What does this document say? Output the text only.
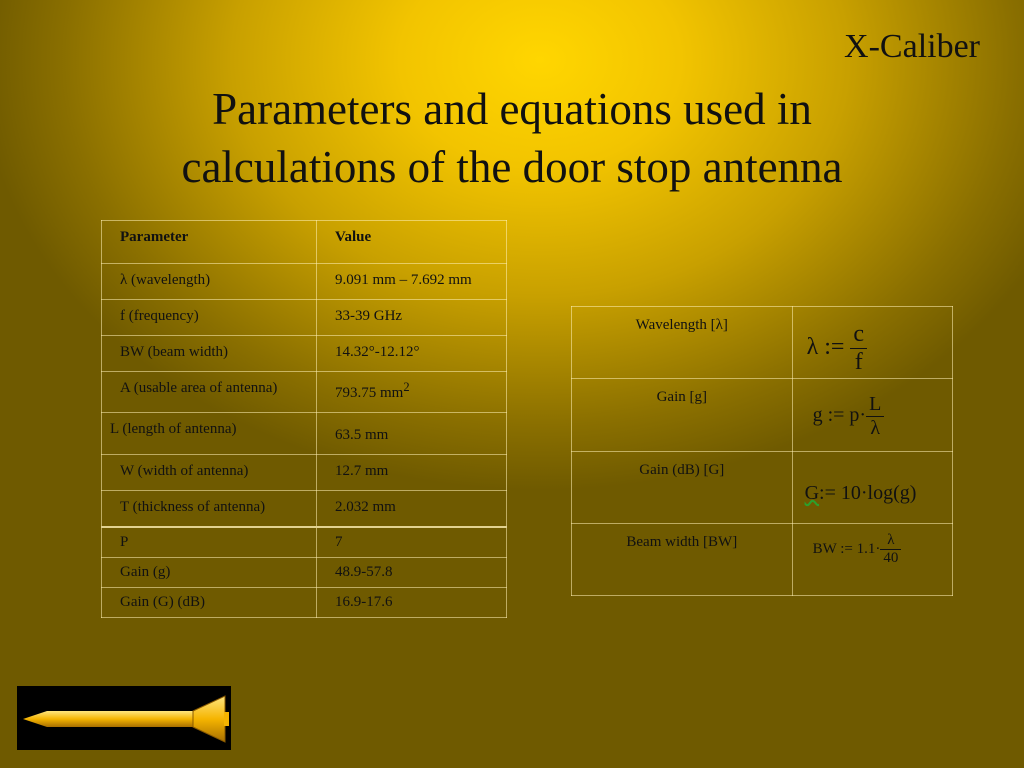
X-Caliber
Parameters and equations used in
calculations of the door stop antenna
Parameter	Value
λ (wavelength)	9.091 mm – 7.692 mm
f (frequency)	33-39 GHz
BW (beam width)	14.32°-12.12°
A (usable area of antenna)	793.75 $mm^2$
L (length of antenna)	63.5 mm
W (width of antenna)	12.7 mm
T (thickness of antenna)	2.032 mm
P	7
Gain (g)	48.9-57.8
Gain (G) (dB)	16.9-17.6
Wavelength [λ]	λ := $\frac{c}{f}$

Gain [g]	g := $p\cdot \frac{L}{\lambda}$

Gain (dB) [G]	G:= 10·log(g)

Beam width [BW]	BW := $1.1\cdot \frac{\lambda}{40}$
